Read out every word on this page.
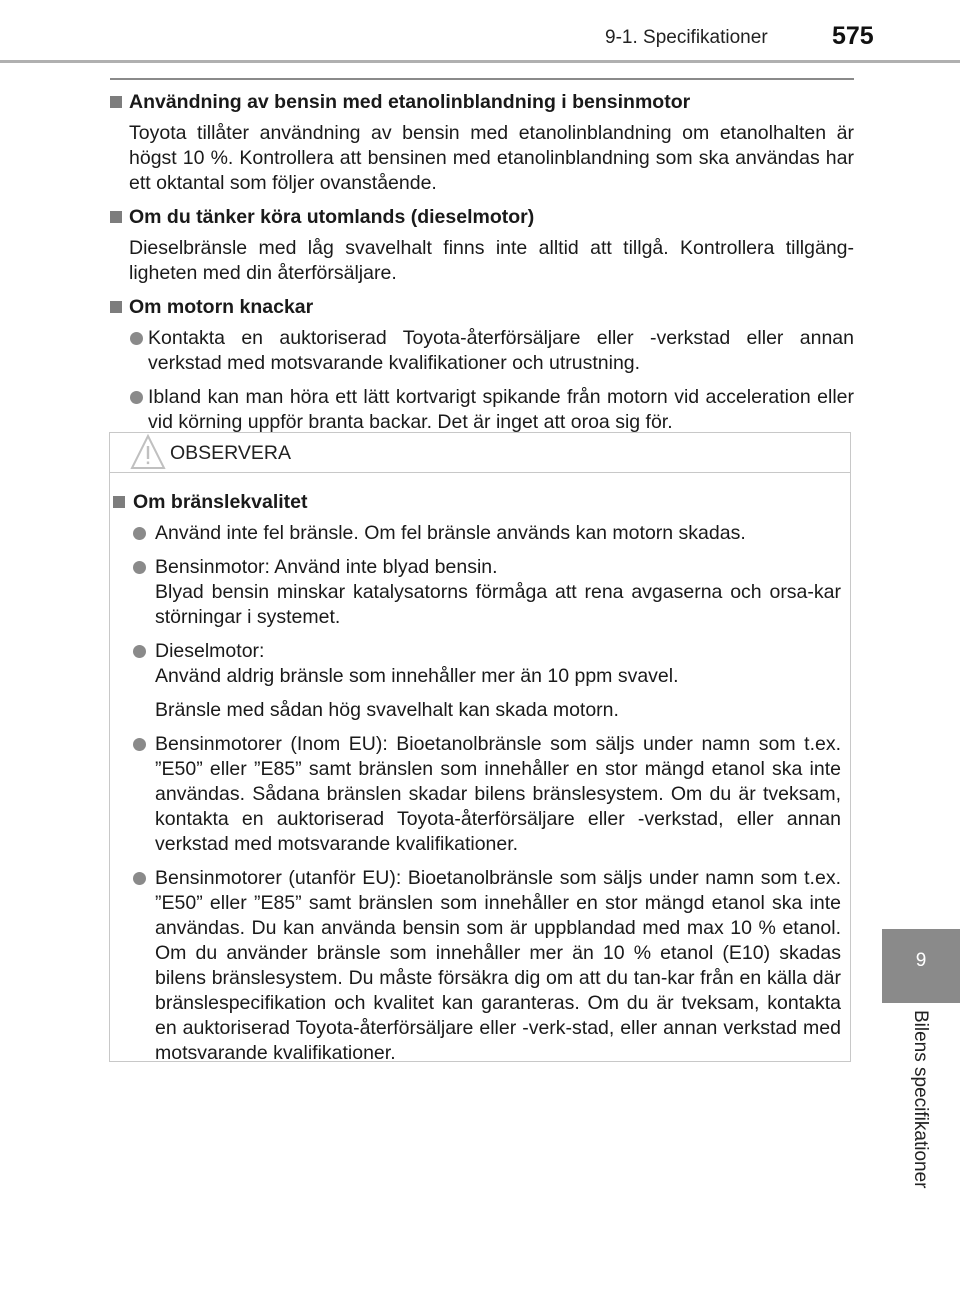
9-1. Specifikationer	575
Användning av bensin med etanolinblandning i bensinmotor
Toyota tillåter användning av bensin med etanolinblandning om etanolhalten är högst 10 %. Kontrollera att bensinen med etanolinblandning som ska användas har ett oktantal som följer ovanstående.
Om du tänker köra utomlands (dieselmotor)
Dieselbränsle med låg svavelhalt finns inte alltid att tillgå. Kontrollera tillgäng-ligheten med din återförsäljare.
Om motorn knackar
Kontakta en auktoriserad Toyota-återförsäljare eller -verkstad eller annan verkstad med motsvarande kvalifikationer och utrustning.
Ibland kan man höra ett lätt kortvarigt spikande från motorn vid acceleration eller vid körning uppför branta backar. Det är inget att oroa sig för.
OBSERVERA
Om bränslekvalitet
Använd inte fel bränsle. Om fel bränsle används kan motorn skadas.
Bensinmotor: Använd inte blyad bensin.
Blyad bensin minskar katalysatorns förmåga att rena avgaserna och orsa-kar störningar i systemet.
Dieselmotor:
Använd aldrig bränsle som innehåller mer än 10 ppm svavel.
Bränsle med sådan hög svavelhalt kan skada motorn.
Bensinmotorer (Inom EU): Bioetanolbränsle som säljs under namn som t.ex. ”E50” eller ”E85” samt bränslen som innehåller en stor mängd etanol ska inte användas. Sådana bränslen skadar bilens bränslesystem. Om du är tveksam, kontakta en auktoriserad Toyota-återförsäljare eller -verkstad, eller annan verkstad med motsvarande kvalifikationer.
Bensinmotorer (utanför EU): Bioetanolbränsle som säljs under namn som t.ex. ”E50” eller ”E85” samt bränslen som innehåller en stor mängd etanol ska inte användas. Du kan använda bensin som är uppblandad med max 10 % etanol. Om du använder bränsle som innehåller mer än 10 % etanol (E10) skadas bilens bränslesystem. Du måste försäkra dig om att du tan-kar från en källa där bränslespecifikation och kvalitet kan garanteras. Om du är tveksam, kontakta en auktoriserad Toyota-återförsäljare eller -verk-stad, eller annan verkstad med motsvarande kvalifikationer.
9
Bilens specifikationer
